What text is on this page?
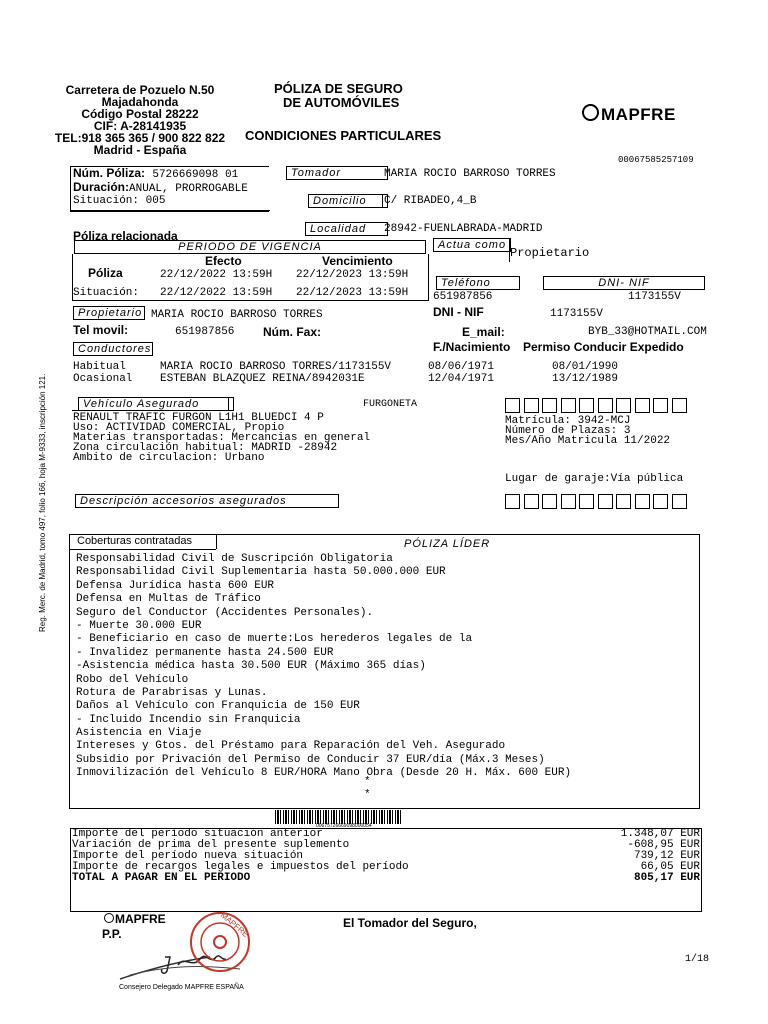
Reg. Merc. de Madrid, tomo 497, folio 166, hoja M-9333, inscripción 121.
Carretera de Pozuelo N.50
Majadahonda
Código Postal 28222
CIF: A-28141935
TEL:918 365 365 / 900 822 822
Madrid - España
PÓLIZA DE SEGURO
DE AUTOMÓVILES
CONDICIONES PARTICULARES
MAPFRE
00067585257109
Núm. Póliza: 5726669098 01
Duración:ANUAL, PRORROGABLE
Situación: 005
Póliza relacionada
Tomador	MARIA ROCIO BARROSO TORRES
Domicilio	C/ RIBADEO,4_B
Localidad	28942-FUENLABRADA-MADRID
PERIODO DE VIGENCIA
Efecto	Vencimiento
Póliza	22/12/2022 13:59H 22/12/2023 13:59H
Situación: 22/12/2022 13:59H 22/12/2023 13:59H
Actua como
Propietario
Teléfono	DNI- NIF
651987856	1173155V
DNI - NIF	1173155V
Propietario MARIA ROCIO BARROSO TORRES
Tel movil:	651987856 Núm. Fax:	E_mail:	BYB_33@HOTMAIL.COM
Conductores	F./Nacimiento Permiso Conducir Expedido
Habitual	MARIA ROCIO BARROSO TORRES/1173155V	08/06/1971	08/01/1990
Ocasional	ESTEBAN BLAZQUEZ REINA/8942031E	12/04/1971	13/12/1989
Vehículo Asegurado	FURGONETA
RENAULT TRAFIC FURGON L1H1 BLUEDCI 4 P
Uso: ACTIVIDAD COMERCIAL, Propio
Materias transportadas: Mercancias en general
Zona circulación habitual: MADRID -28942
Ambito de circulacion: Urbano
Matrícula: 3942-MCJ
Número de Plazas: 3
Mes/Año Matricula 11/2022
Lugar de garaje:Vía pública
Descripción accesorios asegurados
Coberturas contratadas	PÓLIZA LÍDER
Responsabilidad Civil de Suscripción Obligatoria
Responsabilidad Civil Suplementaria hasta 50.000.000 EUR
Defensa Jurídica hasta 600 EUR
Defensa en Multas de Tráfico
Seguro del Conductor (Accidentes Personales).
- Muerte 30.000 EUR
- Beneficiario en caso de muerte:Los herederos legales de la
- Invalidez permanente hasta 24.500 EUR
-Asistencia médica hasta 30.500 EUR (Máximo 365 días)
Robo del Vehículo
Rotura de Parabrisas y Lunas.
Daños al Vehículo con Franquicia de 150 EUR
- Incluido Incendio sin Franquicia
Asistencia en Viaje
Intereses y Gtos. del Préstamo para Reparación del Veh. Asegurado
Subsidio por Privación del Permiso de Conducir 37 EUR/día (Máx.3 Meses)
Inmovilización del Vehículo 8 EUR/HORA Mano Obra (Desde 20 H. Máx. 600 EUR)
*
*
00675726669098000054
Importe del período situación anterior	1.348,07 EUR
Variación de prima del presente suplemento	-608,95 EUR
Importe del período nueva situación	739,12 EUR
Importe de recargos legales e impuestos del período	66,05 EUR
TOTAL A PAGAR EN EL PERIODO	805,17 EUR
MAPFRE
P.P.	MAPFRE
Consejero Delegado MAPFRE ESPAÑA
El Tomador del Seguro,
1/18
